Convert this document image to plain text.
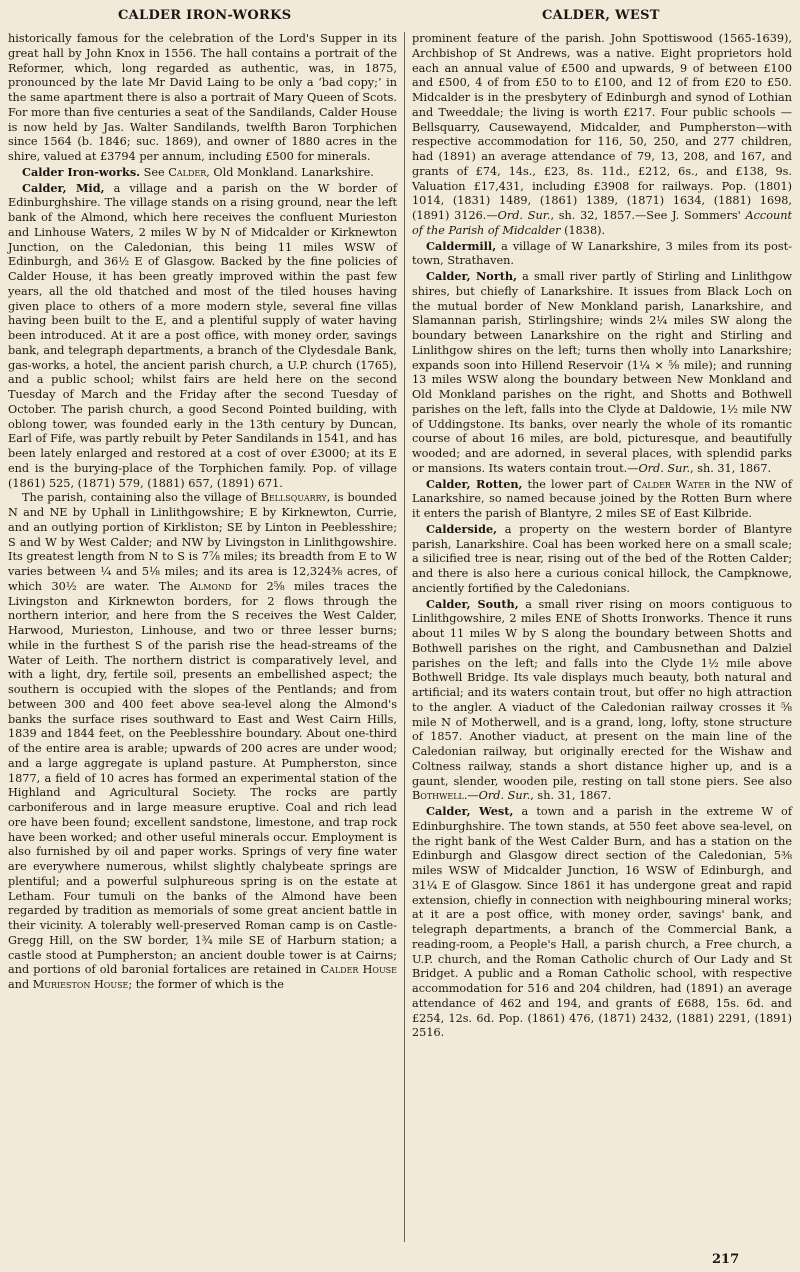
CALDER IRON-WORKS	CALDER, WEST

historically famous for the celebration of the Lord's Supper in its great hall by John Knox in 1556. The hall contains a portrait of the Reformer, which, long regarded as authentic, was, in 1875, pronounced by the late Mr David Laing to be only a ‘bad copy;’ in the same apartment there is also a portrait of Mary Queen of Scots. For more than five centuries a seat of the Sandilands, Calder House is now held by Jas. Walter Sandilands, twelfth Baron Torphichen since 1564 (b. 1846; suc. 1869), and owner of 1880 acres in the shire, valued at £3794 per annum, including £500 for minerals.

Calder Iron-works. See Calder, Old Monkland. Lanarkshire.

Calder, Mid, a village and a parish on the W border of Edinburghshire. The village stands on a rising ground, near the left bank of the Almond, which here receives the confluent Murieston and Linhouse Waters, 2 miles W by N of Midcalder or Kirknewton Junction, on the Caledonian, this being 11 miles WSW of Edinburgh, and 36½ E of Glasgow. Backed by the fine policies of Calder House, it has been greatly improved within the past few years, all the old thatched and most of the tiled houses having given place to others of a more modern style, several fine villas having been built to the E, and a plentiful supply of water having been introduced. At it are a post office, with money order, savings bank, and telegraph departments, a branch of the Clydesdale Bank, gas-works, a hotel, the ancient parish church, a U.P. church (1765), and a public school; whilst fairs are held here on the second Tuesday of March and the Friday after the second Tuesday of October. The parish church, a good Second Pointed building, with oblong tower, was founded early in the 13th century by Duncan, Earl of Fife, was partly rebuilt by Peter Sandilands in 1541, and has been lately enlarged and restored at a cost of over £3000; at its E end is the burying-place of the Torphichen family. Pop. of village (1861) 525, (1871) 579, (1881) 657, (1891) 671.

The parish, containing also the village of Bellsquarry, is bounded N and NE by Uphall in Linlithgowshire; E by Kirknewton, Currie, and an outlying portion of Kirkliston; SE by Linton in Peeblesshire; S and W by West Calder; and NW by Livingston in Linlithgowshire. Its greatest length from N to S is 7⅞ miles; its breadth from E to W varies between ¼ and 5⅛ miles; and its area is 12,324⅜ acres, of which 30½ are water. The Almond for 2⅝ miles traces the Livingston and Kirknewton borders, for 2 flows through the northern interior, and here from the S receives the West Calder, Harwood, Murieston, Linhouse, and two or three lesser burns; while in the furthest S of the parish rise the head-streams of the Water of Leith. The northern district is comparatively level, and with a light, dry, fertile soil, presents an embellished aspect; the southern is occupied with the slopes of the Pentlands; and from between 300 and 400 feet above sea-level along the Almond's banks the surface rises southward to East and West Cairn Hills, 1839 and 1844 feet, on the Peeblesshire boundary. About one-third of the entire area is arable; upwards of 200 acres are under wood; and a large aggregate is upland pasture. At Pumpherston, since 1877, a field of 10 acres has formed an experimental station of the Highland and Agricultural Society. The rocks are partly carboniferous and in large measure eruptive. Coal and rich lead ore have been found; excellent sandstone, limestone, and trap rock have been worked; and other useful minerals occur. Employment is also furnished by oil and paper works. Springs of very fine water are everywhere numerous, whilst slightly chalybeate springs are plentiful; and a powerful sulphureous spring is on the estate at Letham. Four tumuli on the banks of the Almond have been regarded by tradition as memorials of some great ancient battle in their vicinity. A tolerably well-preserved Roman camp is on Castle-Gregg Hill, on the SW border, 1¾ mile SE of Harburn station; a castle stood at Pumpherston; an ancient double tower is at Cairns; and portions of old baronial fortalices are retained in Calder House and Murieston House; the former of which is the

prominent feature of the parish. John Spottiswood (1565-1639), Archbishop of St Andrews, was a native. Eight proprietors hold each an annual value of £500 and upwards, 9 of between £100 and £500, 4 of from £50 to to £100, and 12 of from £20 to £50. Midcalder is in the presbytery of Edinburgh and synod of Lothian and Tweeddale; the living is worth £217. Four public schools — Bellsquarry, Causewayend, Midcalder, and Pumpherston—with respective accommodation for 116, 50, 250, and 277 children, had (1891) an average attendance of 79, 13, 208, and 167, and grants of £74, 14s., £23, 8s. 11d., £212, 6s., and £138, 9s. Valuation £17,431, including £3908 for railways. Pop. (1801) 1014, (1831) 1489, (1861) 1389, (1871) 1634, (1881) 1698, (1891) 3126.—Ord. Sur., sh. 32, 1857.—See J. Sommers' Account of the Parish of Midcalder (1838).

Caldermill, a village of W Lanarkshire, 3 miles from its post-town, Strathaven.

Calder, North, a small river partly of Stirling and Linlithgow shires, but chiefly of Lanarkshire. It issues from Black Loch on the mutual border of New Monkland parish, Lanarkshire, and Slamannan parish, Stirlingshire; winds 2¼ miles SW along the boundary between Lanarkshire on the right and Stirling and Linlithgow shires on the left; turns then wholly into Lanarkshire; expands soon into Hillend Reservoir (1¼ × ⅝ mile); and running 13 miles WSW along the boundary between New Monkland and Old Monkland parishes on the right, and Shotts and Bothwell parishes on the left, falls into the Clyde at Daldowie, 1½ mile NW of Uddingstone. Its banks, over nearly the whole of its romantic course of about 16 miles, are bold, picturesque, and beautifully wooded; and are adorned, in several places, with splendid parks or mansions. Its waters contain trout.—Ord. Sur., sh. 31, 1867.

Calder, Rotten, the lower part of Calder Water in the NW of Lanarkshire, so named because joined by the Rotten Burn where it enters the parish of Blantyre, 2 miles SE of East Kilbride.

Calderside, a property on the western border of Blantyre parish, Lanarkshire. Coal has been worked here on a small scale; a silicified tree is near, rising out of the bed of the Rotten Calder; and there is also here a curious conical hillock, the Campknowe, anciently fortified by the Caledonians.

Calder, South, a small river rising on moors contiguous to Linlithgowshire, 2 miles ENE of Shotts Ironworks. Thence it runs about 11 miles W by S along the boundary between Shotts and Bothwell parishes on the right, and Cambusnethan and Dalziel parishes on the left; and falls into the Clyde 1½ mile above Bothwell Bridge. Its vale displays much beauty, both natural and artificial; and its waters contain trout, but offer no high attraction to the angler. A viaduct of the Caledonian railway crosses it ⅝ mile N of Motherwell, and is a grand, long, lofty, stone structure of 1857. Another viaduct, at present on the main line of the Caledonian railway, but originally erected for the Wishaw and Coltness railway, stands a short distance higher up, and is a gaunt, slender, wooden pile, resting on tall stone piers. See also Bothwell.—Ord. Sur., sh. 31, 1867.

Calder, West, a town and a parish in the extreme W of Edinburghshire. The town stands, at 550 feet above sea-level, on the right bank of the West Calder Burn, and has a station on the Edinburgh and Glasgow direct section of the Caledonian, 5⅜ miles WSW of Midcalder Junction, 16 WSW of Edinburgh, and 31¼ E of Glasgow. Since 1861 it has undergone great and rapid extension, chiefly in connection with neighbouring mineral works; at it are a post office, with money order, savings' bank, and telegraph departments, a branch of the Commercial Bank, a reading-room, a People's Hall, a parish church, a Free church, a U.P. church, and the Roman Catholic church of Our Lady and St Bridget. A public and a Roman Catholic school, with respective accommodation for 516 and 204 children, had (1891) an average attendance of 462 and 194, and grants of £688, 15s. 6d. and £254, 12s. 6d. Pop. (1861) 476, (1871) 2432, (1881) 2291, (1891) 2516.

217
